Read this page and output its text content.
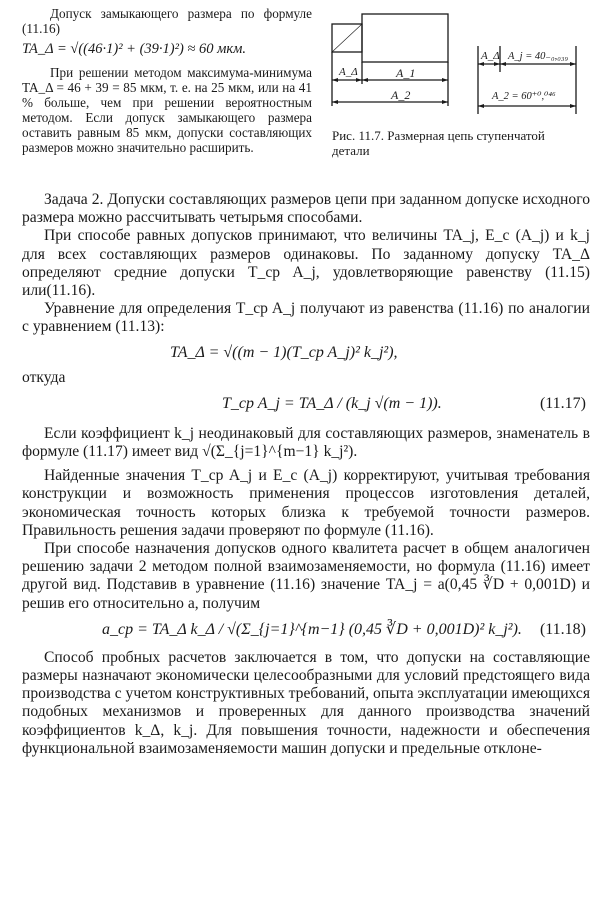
Допуск замыкающего размера по формуле (11.16)

TA_Δ = √((46·1)² + (39·1)²) ≈ 60 мкм.

При решении методом максимума-минимума TA_Δ = 46 + 39 = 85 мкм, т. е. на 25 мкм, или на 41 % больше, чем при решении вероятностным методом. Если допуск замыкающего размера оставить равным 85 мкм, допуски составляющих размеров можно значительно расширить.

A_Δ	A_1
A_2
A_Δ A_j = 40₋₀,₀₃₉
A_2 = 60⁺⁰,⁰⁴⁶
Рис. 11.7. Размерная цепь ступенчатой детали

Задача 2. Допуски составляющих размеров цепи при заданном допуске исходного размера можно рассчитывать четырьмя способами.

При способе равных допусков принимают, что величины TA_j, E_c (A_j) и k_j для всех составляющих размеров одинаковы. По заданному допуску TA_Δ определяют средние допуски T_cp A_j, удовлетворяющие равенству (11.15) или(11.16).

Уравнение для определения T_cp A_j получают из равенства (11.16) по аналогии с уравнением (11.13):

TA_Δ = √((m − 1)(T_cp A_j)² k_j²),

откуда

T_cp A_j = TA_Δ / (k_j √(m − 1)).	(11.17)

Если коэффициент k_j неодинаковый для составляющих размеров, знаменатель в формуле (11.17) имеет вид √(Σ_{j=1}^{m−1} k_j²).

Найденные значения T_cp A_j и E_c (A_j) корректируют, учитывая требования конструкции и возможность применения процессов изготовления деталей, экономическая точность которых близка к требуемой точности размеров. Правильность решения задачи проверяют по формуле (11.16).

При способе назначения допусков одного квалитета расчет в общем аналогичен решению задачи 2 методом полной взаимозаменяемости, но формула (11.16) имеет другой вид. Подставив в уравнение (11.16) значение TA_j = a(0,45 ∛D + 0,001D) и решив его относительно a, получим

a_cp = TA_Δ k_Δ / √(Σ_{j=1}^{m−1} (0,45 ∛D + 0,001D)² k_j²). (11.18)

Способ пробных расчетов заключается в том, что допуски на составляющие размеры назначают экономически целесообразными для условий предстоящего вида производства с учетом конструктивных требований, опыта эксплуатации имеющихся подобных механизмов и проверенных для данного производства значений коэффициентов k_Δ, k_j. Для повышения точности, надежности и обеспечения функциональной взаимозаменяемости машин допуски и предельные отклоне-
